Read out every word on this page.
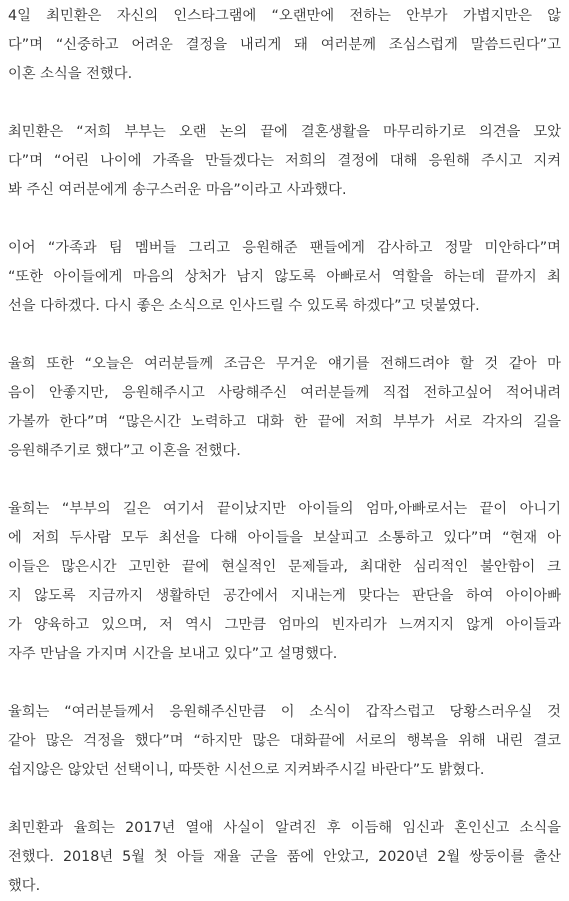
4일 최민환은 자신의 인스타그램에 “오랜만에 전하는 안부가 가볍지만은 않
다”며 “신중하고 어려운 결정을 내리게 돼 여러분께 조심스럽게 말씀드린다”고
이혼 소식을 전했다.
최민환은 “저희 부부는 오랜 논의 끝에 결혼생활을 마무리하기로 의견을 모았
다”며 “어린 나이에 가족을 만들겠다는 저희의 결정에 대해 응원해 주시고 지켜
봐 주신 여러분에게 송구스러운 마음”이라고 사과했다.
이어 “가족과 팀 멤버들 그리고 응원해준 팬들에게 감사하고 정말 미안하다”며
“또한 아이들에게 마음의 상처가 남지 않도록 아빠로서 역할을 하는데 끝까지 최
선을 다하겠다. 다시 좋은 소식으로 인사드릴 수 있도록 하겠다”고 덧붙였다.
율희 또한 “오늘은 여러분들께 조금은 무거운 얘기를 전해드려야 할 것 같아 마
음이 안좋지만, 응원해주시고 사랑해주신 여러분들께 직접 전하고싶어 적어내려
가볼까 한다”며 “많은시간 노력하고 대화 한 끝에 저희 부부가 서로 각자의 길을
응원해주기로 했다”고 이혼을 전했다.
율희는 “부부의 길은 여기서 끝이났지만 아이들의 엄마,아빠로서는 끝이 아니기
에 저희 두사람 모두 최선을 다해 아이들을 보살피고 소통하고 있다”며 “현재 아
이들은 많은시간 고민한 끝에 현실적인 문제들과, 최대한 심리적인 불안함이 크
지 않도록 지금까지 생활하던 공간에서 지내는게 맞다는 판단을 하여 아이아빠
가 양육하고 있으며, 저 역시 그만큼 엄마의 빈자리가 느껴지지 않게 아이들과
자주 만남을 가지며 시간을 보내고 있다”고 설명했다.
율희는 “여러분들께서 응원해주신만큼 이 소식이 갑작스럽고 당황스러우실 것
같아 많은 걱정을 했다”며 “하지만 많은 대화끝에 서로의 행복을 위해 내린 결코
쉽지않은 않았던 선택이니, 따뜻한 시선으로 지켜봐주시길 바란다”도 밝혔다.
최민환과 율희는 2017년 열애 사실이 알려진 후 이듬해 임신과 혼인신고 소식을
전했다. 2018년 5월 첫 아들 재율 군을 품에 안았고, 2020년 2월 쌍둥이를 출산
했다.
